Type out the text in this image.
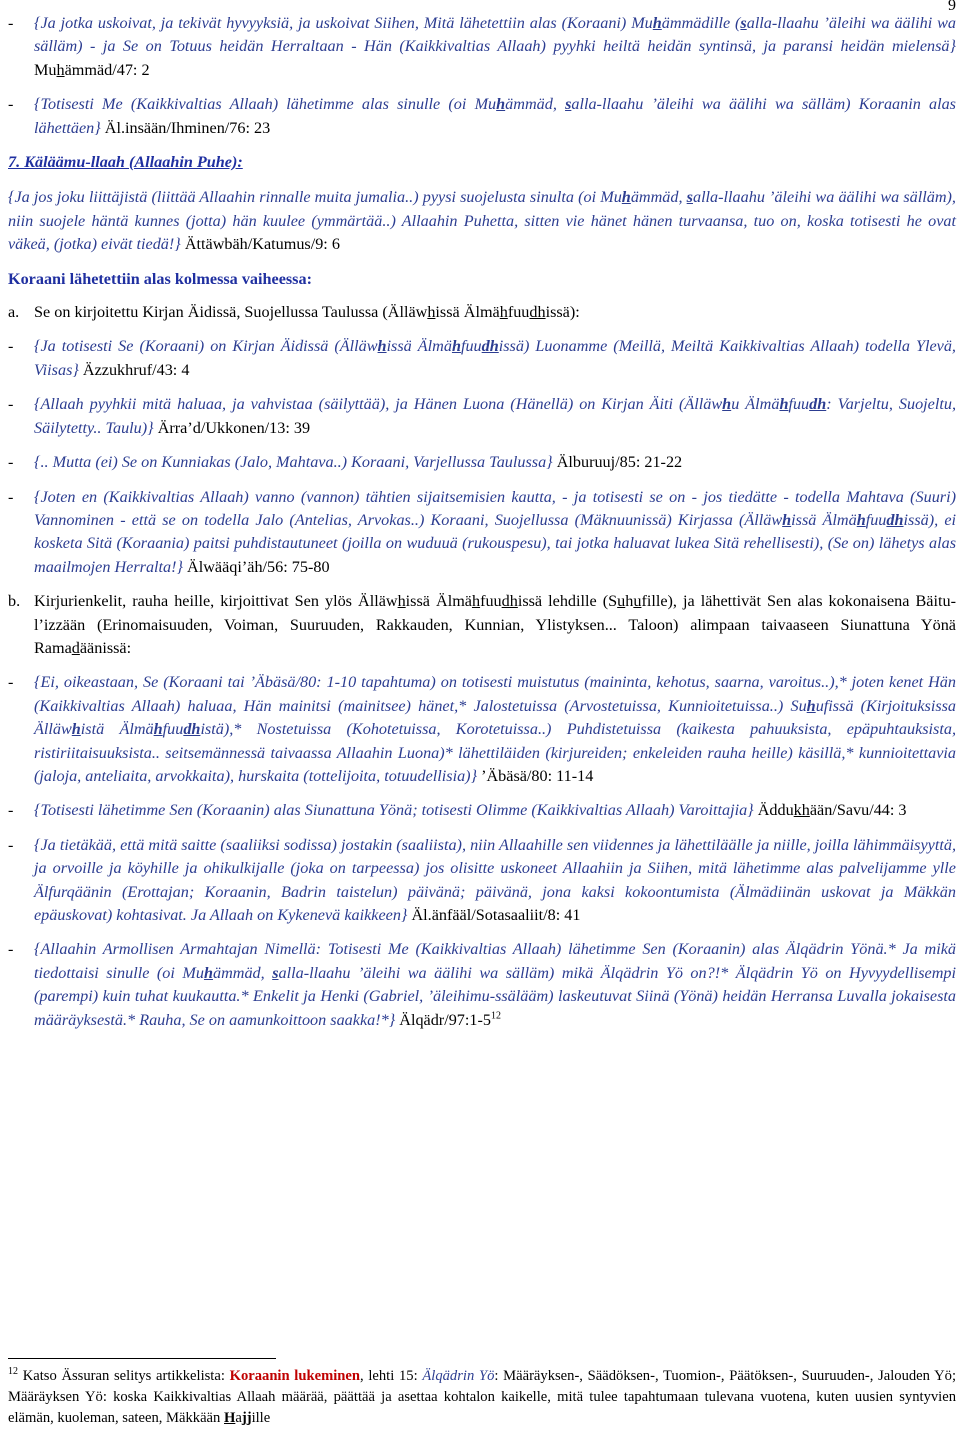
9
- {Ja jotka uskoivat, ja tekivät hyvyyksiä, ja uskoivat Siihen, Mitä lähetettiin alas (Koraani) Muhämmädille (salla-llaahu ’äleihi wa äälihi wa sälläm) - ja Se on Totuus heidän Herraltaan - Hän (Kaikkivaltias Allaah) pyyhki heiltä heidän syntinsä, ja paransi heidän mielensä} Muhämmäd/47: 2
- {Totisesti Me (Kaikkivaltias Allaah) lähetimme alas sinulle (oi Muhämmäd, salla-llaahu ’äleihi wa äälihi wa sälläm) Koraanin alas lähettäen} Äl.insään/Ihminen/76: 23
7. Käläämu-llaah (Allaahin Puhe):
{Ja jos joku liittäjistä (liittää Allaahin rinnalle muita jumalia..) pyysi suojelusta sinulta (oi Muhämmäd, salla-llaahu ’äleihi wa äälihi wa sälläm), niin suojele häntä kunnes (jotta) hän kuulee (ymmärtää..) Allaahin Puhetta, sitten vie hänet hänen turvaansa, tuo on, koska totisesti he ovat väkeä, (jotka) eivät tiedä!} Ättäwbäh/Katumus/9: 6
Koraani lähetettiin alas kolmessa vaiheessa:
a. Se on kirjoitettu Kirjan Äidissä, Suojellussa Taulussa (Älläwhissä Älmähfuudhissä):
- {Ja totisesti Se (Koraani) on Kirjan Äidissä (Älläwhissä Älmähfuudhissä) Luonamme (Meillä, Meiltä Kaikkivaltias Allaah) todella Ylevä, Viisas} Äzzukhruf/43: 4
- {Allaah pyyhkii mitä haluaa, ja vahvistaa (säilyttää), ja Hänen Luona (Hänellä) on Kirjan Äiti (Älläwhu Älmähfuudh: Varjeltu, Suojeltu, Säilytetty.. Taulu)} Ärra’d/Ukkonen/13: 39
- {.. Mutta (ei) Se on Kunniakas (Jalo, Mahtava..) Koraani, Varjellussa Taulussa} Älburuuj/85: 21-22
- {Joten en (Kaikkivaltias Allaah) vanno (vannon) tähtien sijaitsemisien kautta, - ja totisesti se on - jos tiedätte - todella Mahtava (Suuri) Vannominen - että se on todella Jalo (Antelias, Arvokas..) Koraani, Suojellussa (Mäknuunissä) Kirjassa (Älläwhissä Älmähfuudhissä), ei kosketa Sitä (Koraania) paitsi puhdistautuneet (joilla on wuduuä (rukouspesu), tai jotka haluavat lukea Sitä rehellisesti), (Se on) lähetys alas maailmojen Herralta!} Älwääqi’äh/56: 75-80
b. Kirjurienkelit, rauha heille, kirjoittivat Sen ylös Älläwhissä Älmähfuudhissä lehdille (Suhufille), ja lähettivät Sen alas kokonaisena Bäitu-l’izzään (Erinomaisuuden, Voiman, Suuruuden, Rakkauden, Kunnian, Ylistyksen... Taloon) alimpaan taivaaseen Siunattuna Yönä Ramadäänissä:
- {Ei, oikeastaan, Se (Koraani tai ’Äbäsä/80: 1-10 tapahtuma) on totisesti muistutus (maininta, kehotus, saarna, varoitus..),* joten kenet Hän (Kaikkivaltias Allaah) haluaa, Hän mainitsi (mainitsee) hänet,* Jalostetuissa (Arvostetuissa, Kunnioitetuissa..) Suhufissä (Kirjoituksissa Älläwhistä Älmähfuudhistä),* Nostetuissa (Kohotetuissa, Korotetuissa..) Puhdistetuissa (kaikesta pahuuksista, epäpuhtauksista, ristiriitaisuuksista.. seitsemännessä taivaassa Allaahin Luona)* lähettiläiden (kirjureiden; enkeleiden rauha heille) käsillä,* kunnioitettavia (jaloja, anteliaita, arvokkaita), hurskaita (tottelijoita, totuudellisia)} ’Äbäsä/80: 11-14
- {Totisesti lähetimme Sen (Koraanin) alas Siunattuna Yönä; totisesti Olimme (Kaikkivaltias Allaah) Varoittajia} Äddukhään/Savu/44: 3
- {Ja tietäkää, että mitä saitte (saaliiksi sodissa) jostakin (saaliista), niin Allaahille sen viidennes ja lähettiläälle ja niille, joilla lähimmäisyyttä, ja orvoille ja köyhille ja ohikulkijalle (joka on tarpeessa) jos olisitte uskoneet Allaahiin ja Siihen, mitä lähetimme alas palvelijamme ylle Älfurqäänin (Erottajan; Koraanin, Badrin taistelun) päivänä; päivänä, jona kaksi kokoontumista (Älmädiinän uskovat ja Mäkkän epäuskovat) kohtasivat. Ja Allaah on Kykenevä kaikkeen} Äl.änfääl/Sotasaaliit/8: 41
- {Allaahin Armollisen Armahtajan Nimellä: Totisesti Me (Kaikkivaltias Allaah) lähetimme Sen (Koraanin) alas Älqädrin Yönä.* Ja mikä tiedottaisi sinulle (oi Muhämmäd, salla-llaahu ’äleihi wa äälihi wa sälläm) mikä Älqädrin Yö on?!* Älqädrin Yö on Hyvyydellisempi (parempi) kuin tuhat kuukautta.* Enkelit ja Henki (Gabriel, ’äleihimu-ssälääm) laskeutuvat Siinä (Yönä) heidän Herransa Luvalla jokaisesta määräyksestä.* Rauha, Se on aamunkoittoon saakka!*} Älqädr/$97:1-5^{12}$
$^{12}$ Katso Ässuran selitys artikkelista: Koraanin lukeminen, lehti 15: Älqädrin Yö: Määräyksen-, Säädöksen-, Tuomion-, Päätöksen-, Suuruuden-, Jalouden Yö; Määräyksen Yö: koska Kaikkivaltias Allaah määrää, päättää ja asettaa kohtalon kaikelle, mitä tulee tapahtumaan tulevana vuotena, kuten uusien syntyvien elämän, kuoleman, sateen, Mäkkään Hajjille
